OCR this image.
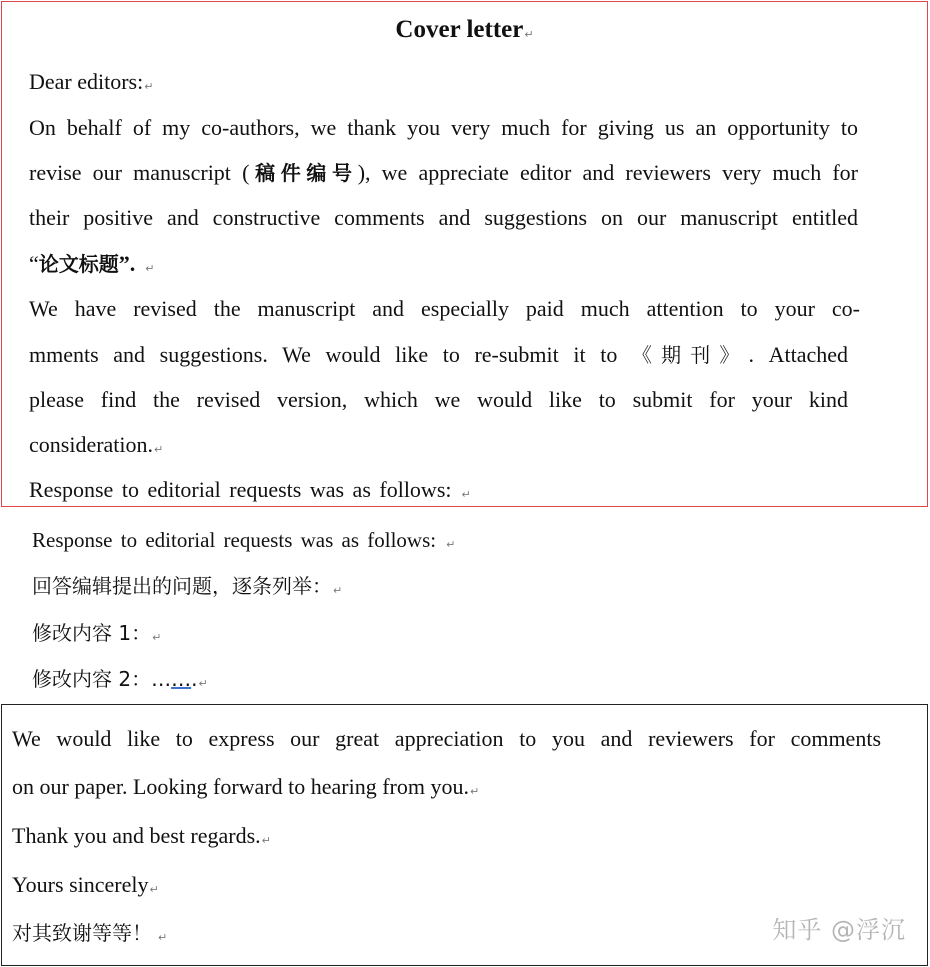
Cover letter↵
Dear editors:↵
On behalf of my co-authors, we thank you very much for giving us an opportunity to
revise our manuscript (稿件编号), we appreciate editor and reviewers very much for
their positive and constructive comments and suggestions on our manuscript entitled
“论文标题”. ↵
We have revised the manuscript and especially paid much attention to your co-
mments and suggestions. We would like to re-submit it to 《期刊》. Attached
please find the revised version, which we would like to submit for your kind
consideration.↵
Response to editorial requests was as follows: ↵
Response to editorial requests was as follows: ↵
回答编辑提出的问题，逐条列举：↵
修改内容 1：↵
修改内容 2：…….↵
We would like to express our great appreciation to you and reviewers for comments
on our paper. Looking forward to hearing from you.↵
Thank you and best regards.↵
Yours sincerely↵
对其致谢等等！ ↵	知乎 @浮沉
